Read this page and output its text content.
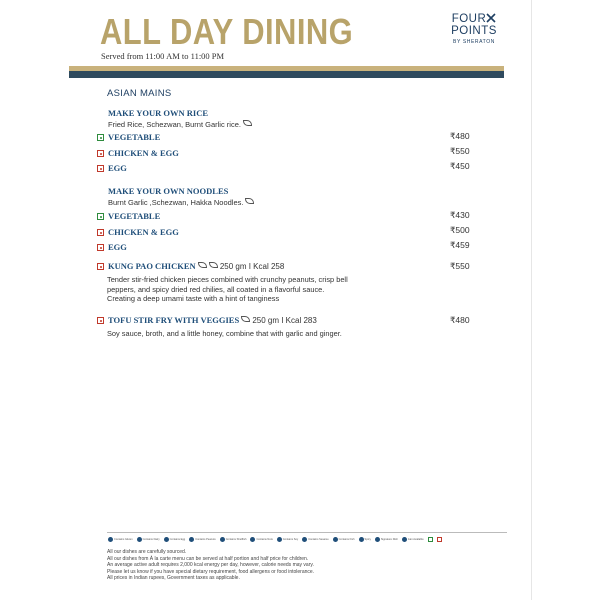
ALL DAY DINING
Served from 11:00 AM to 11:00 PM
FOUR
POINTS
BY SHERATON
ASIAN MAINS
MAKE YOUR OWN RICE
Fried Rice, Schezwan, Burnt Garlic rice.
VEGETABLE	₹480
CHICKEN & EGG	₹550
EGG	₹450
MAKE YOUR OWN NOODLES
Burnt Garlic ,Schezwan, Hakka Noodles.
VEGETABLE	₹430
CHICKEN & EGG	₹500
EGG	₹459
KUNG PAO CHICKEN	250 gm I Kcal 258	₹550
Tender stir-fried chicken pieces combined with crunchy peanuts, crisp bell
peppers, and spicy dried red chilies, all coated in a flavorful sauce.
Creating a deep umami taste with a hint of tanginess
TOFU STIR FRY WITH VEGGIES 250 gm I Kcal 283	₹480
Soy sauce, broth, and a little honey, combine that with garlic and ginger.
Contains Gluten	Contains Dairy	Contains Egg	Contains Peanuts	Contains Shellfish	Contains Nuts	Contains Soy	Contains Sesame	Contains Fish	Spicy	Signature Dish	Jain Available
All our dishes are carefully sourced.
All our dishes from À la carte menu can be served at half portion and half price for children.
An average active adult requires 2,000 kcal energy per day, however, calorie needs may vary.
Please let us know if you have special dietary requirement, food allergens or food intolerance.
All prices in Indian rupees, Government taxes as applicable.
